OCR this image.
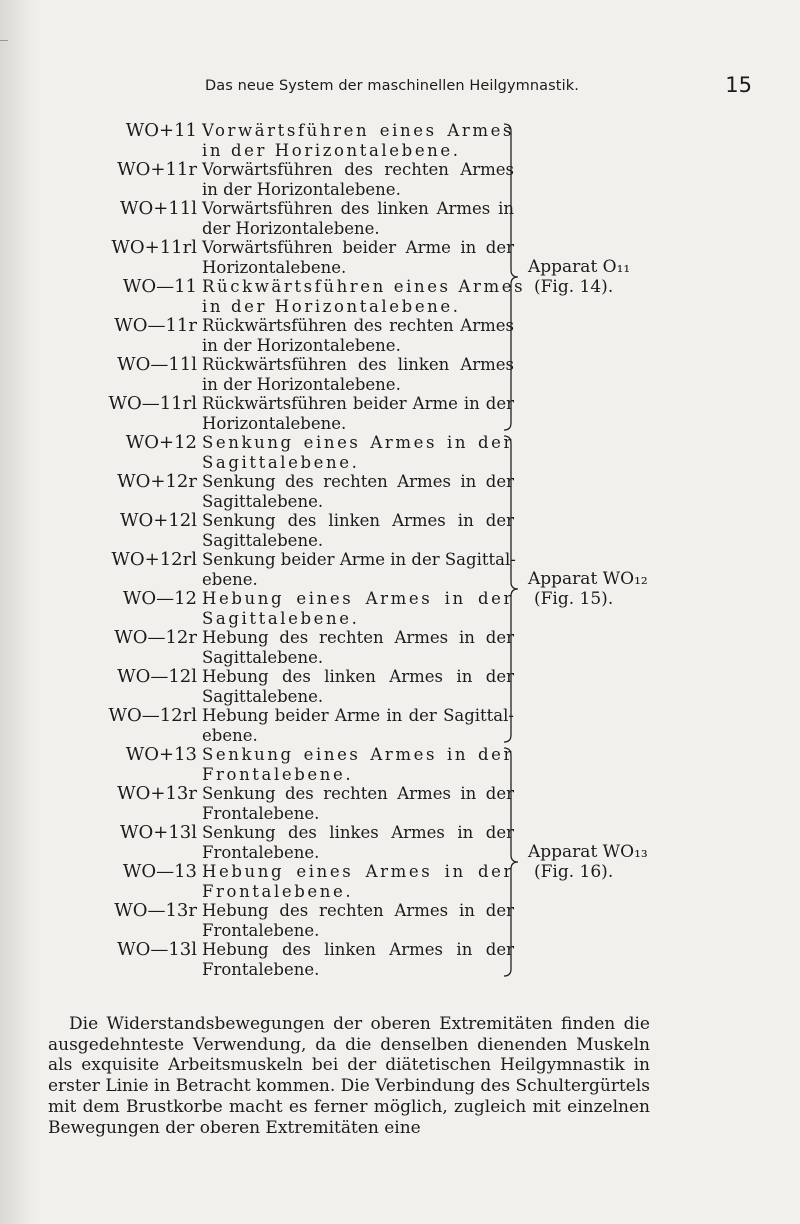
Das neue System der maschinellen Heilgymnastik.	15
WO+11 Vorwärtsführen eines Armes
in der Horizontalebene.
WO+11r Vorwärtsführen des rechten Armes
in der Horizontalebene.
WO+11l Vorwärtsführen des linken Armes in
der Horizontalebene.
WO+11rl Vorwärtsführen beider Arme in der
Horizontalebene.
WO—11 Rückwärtsführen eines Armes
in der Horizontalebene.
WO—11r Rückwärtsführen des rechten Armes
in der Horizontalebene.
WO—11l Rückwärtsführen des linken Armes
in der Horizontalebene.
WO—11rl Rückwärtsführen beider Arme in der
Horizontalebene.
Apparat O₁₁
(Fig. 14).
WO+12 Senkung eines Armes in der
Sagittalebene.
WO+12r Senkung des rechten Armes in der
Sagittalebene.
WO+12l Senkung des linken Armes in der
Sagittalebene.
WO+12rl Senkung beider Arme in der Sagittal-
ebene.
WO—12 Hebung eines Armes in der
Sagittalebene.
WO—12r Hebung des rechten Armes in der
Sagittalebene.
WO—12l Hebung des linken Armes in der
Sagittalebene.
WO—12rl Hebung beider Arme in der Sagittal-
ebene.
Apparat WO₁₂
(Fig. 15).
WO+13 Senkung eines Armes in der
Frontalebene.
WO+13r Senkung des rechten Armes in der
Frontalebene.
WO+13l Senkung des linkes Armes in der
Frontalebene.
WO—13 Hebung eines Armes in der
Frontalebene.
WO—13r Hebung des rechten Armes in der
Frontalebene.
WO—13l Hebung des linken Armes in der
Frontalebene.
Apparat WO₁₃
(Fig. 16).

Die Widerstandsbewegungen der oberen Extremitäten finden die ausgedehnteste Verwendung, da die denselben dienenden Muskeln als exquisite Arbeitsmuskeln bei der diätetischen Heilgymnastik in erster Linie in Betracht kommen. Die Verbindung des Schultergürtels mit dem Brustkorbe macht es ferner möglich, zugleich mit einzelnen Bewegungen der oberen Extremitäten eine
